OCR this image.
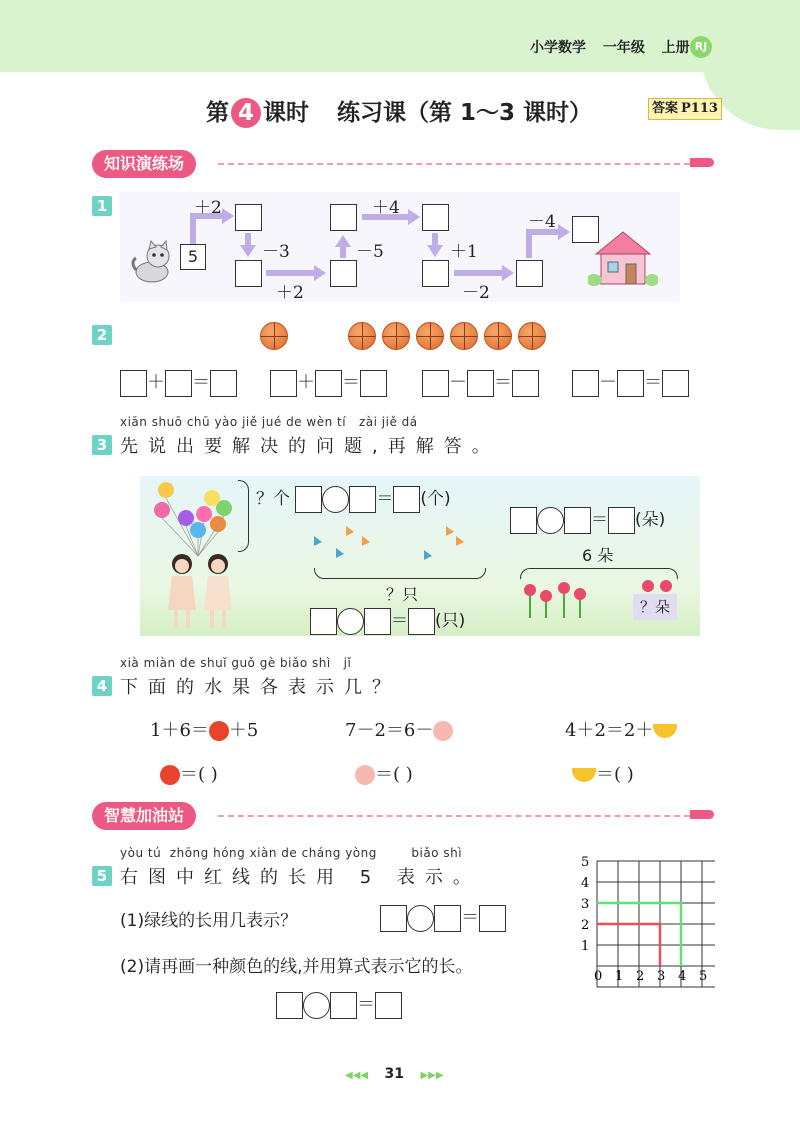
小学数学 一年级 上册 RJ
第 4 课时 练习课（第 1～3 课时）	答案 P113
知识演练场
1
5
＋2
－3
＋2
－5
＋4
＋1
－2
－4
2
＋ ＝	＋ ＝	－ ＝	－ ＝
xiān shuō chū yào jiě jué de wèn tí   zài jiě dá
3 先说出要解决的问题,再解答。
？个	＝ (个)
？只
＝ (只)
＝ (朵)
6 朵
？朵
xià miàn de shuǐ guǒ gè biǎo shì   jǐ
4 下面的水果各表示几？
1＋6＝ ＋5	7－2＝6－	4＋2＝2＋
＝( )	＝( )	＝( )
智慧加油站
yòu tú  zhōng hóng xiàn de cháng yòng        biǎo shì
5 右图中红线的长用 5 表示。
(1)绿线的长用几表示？	＝
(2)请再画一种颜色的线,并用算式表示它的长。
＝
0 1 2 3 4 5
1
2
3
4
5
◀◀◀ 31 ▶▶▶
